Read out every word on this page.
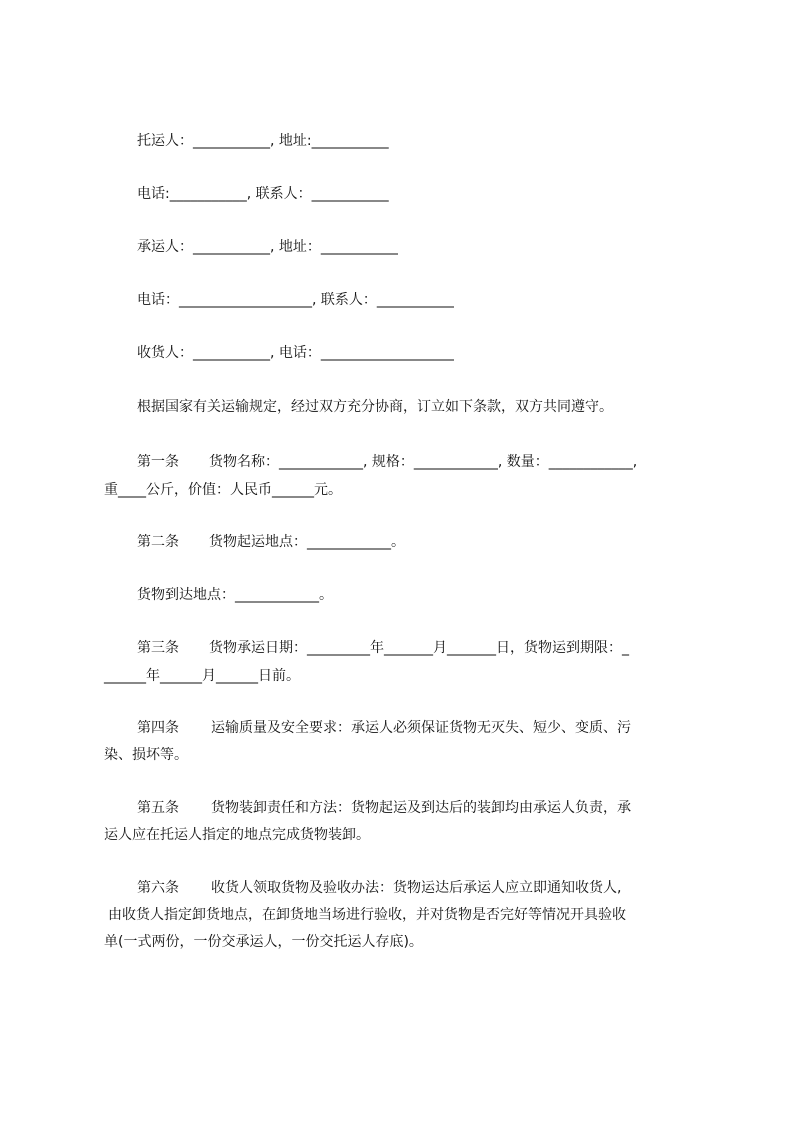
托运人：___________, 地址:___________
电话:___________, 联系人：___________
承运人：___________, 地址：___________
电话：___________________, 联系人：___________
收货人：___________, 电话：___________________
根据国家有关运输规定，经过双方充分协商，订立如下条款，双方共同遵守。
第一条 货物名称：____________, 规格：____________, 数量：____________,
重____公斤，价值：人民币______元。
第二条 货物起运地点：____________。
货物到达地点：____________。
第三条 货物承运日期：_________年_______月_______日，货物运到期限：_
______年______月______日前。
第四条 运输质量及安全要求：承运人必须保证货物无灭失、短少、变质、污
染、损坏等。
第五条 货物装卸责任和方法：货物起运及到达后的装卸均由承运人负责，承
运人应在托运人指定的地点完成货物装卸。
第六条 收货人领取货物及验收办法：货物运达后承运人应立即通知收货人,
由收货人指定卸货地点，在卸货地当场进行验收，并对货物是否完好等情况开具验收
单(一式两份，一份交承运人，一份交托运人存底)。
